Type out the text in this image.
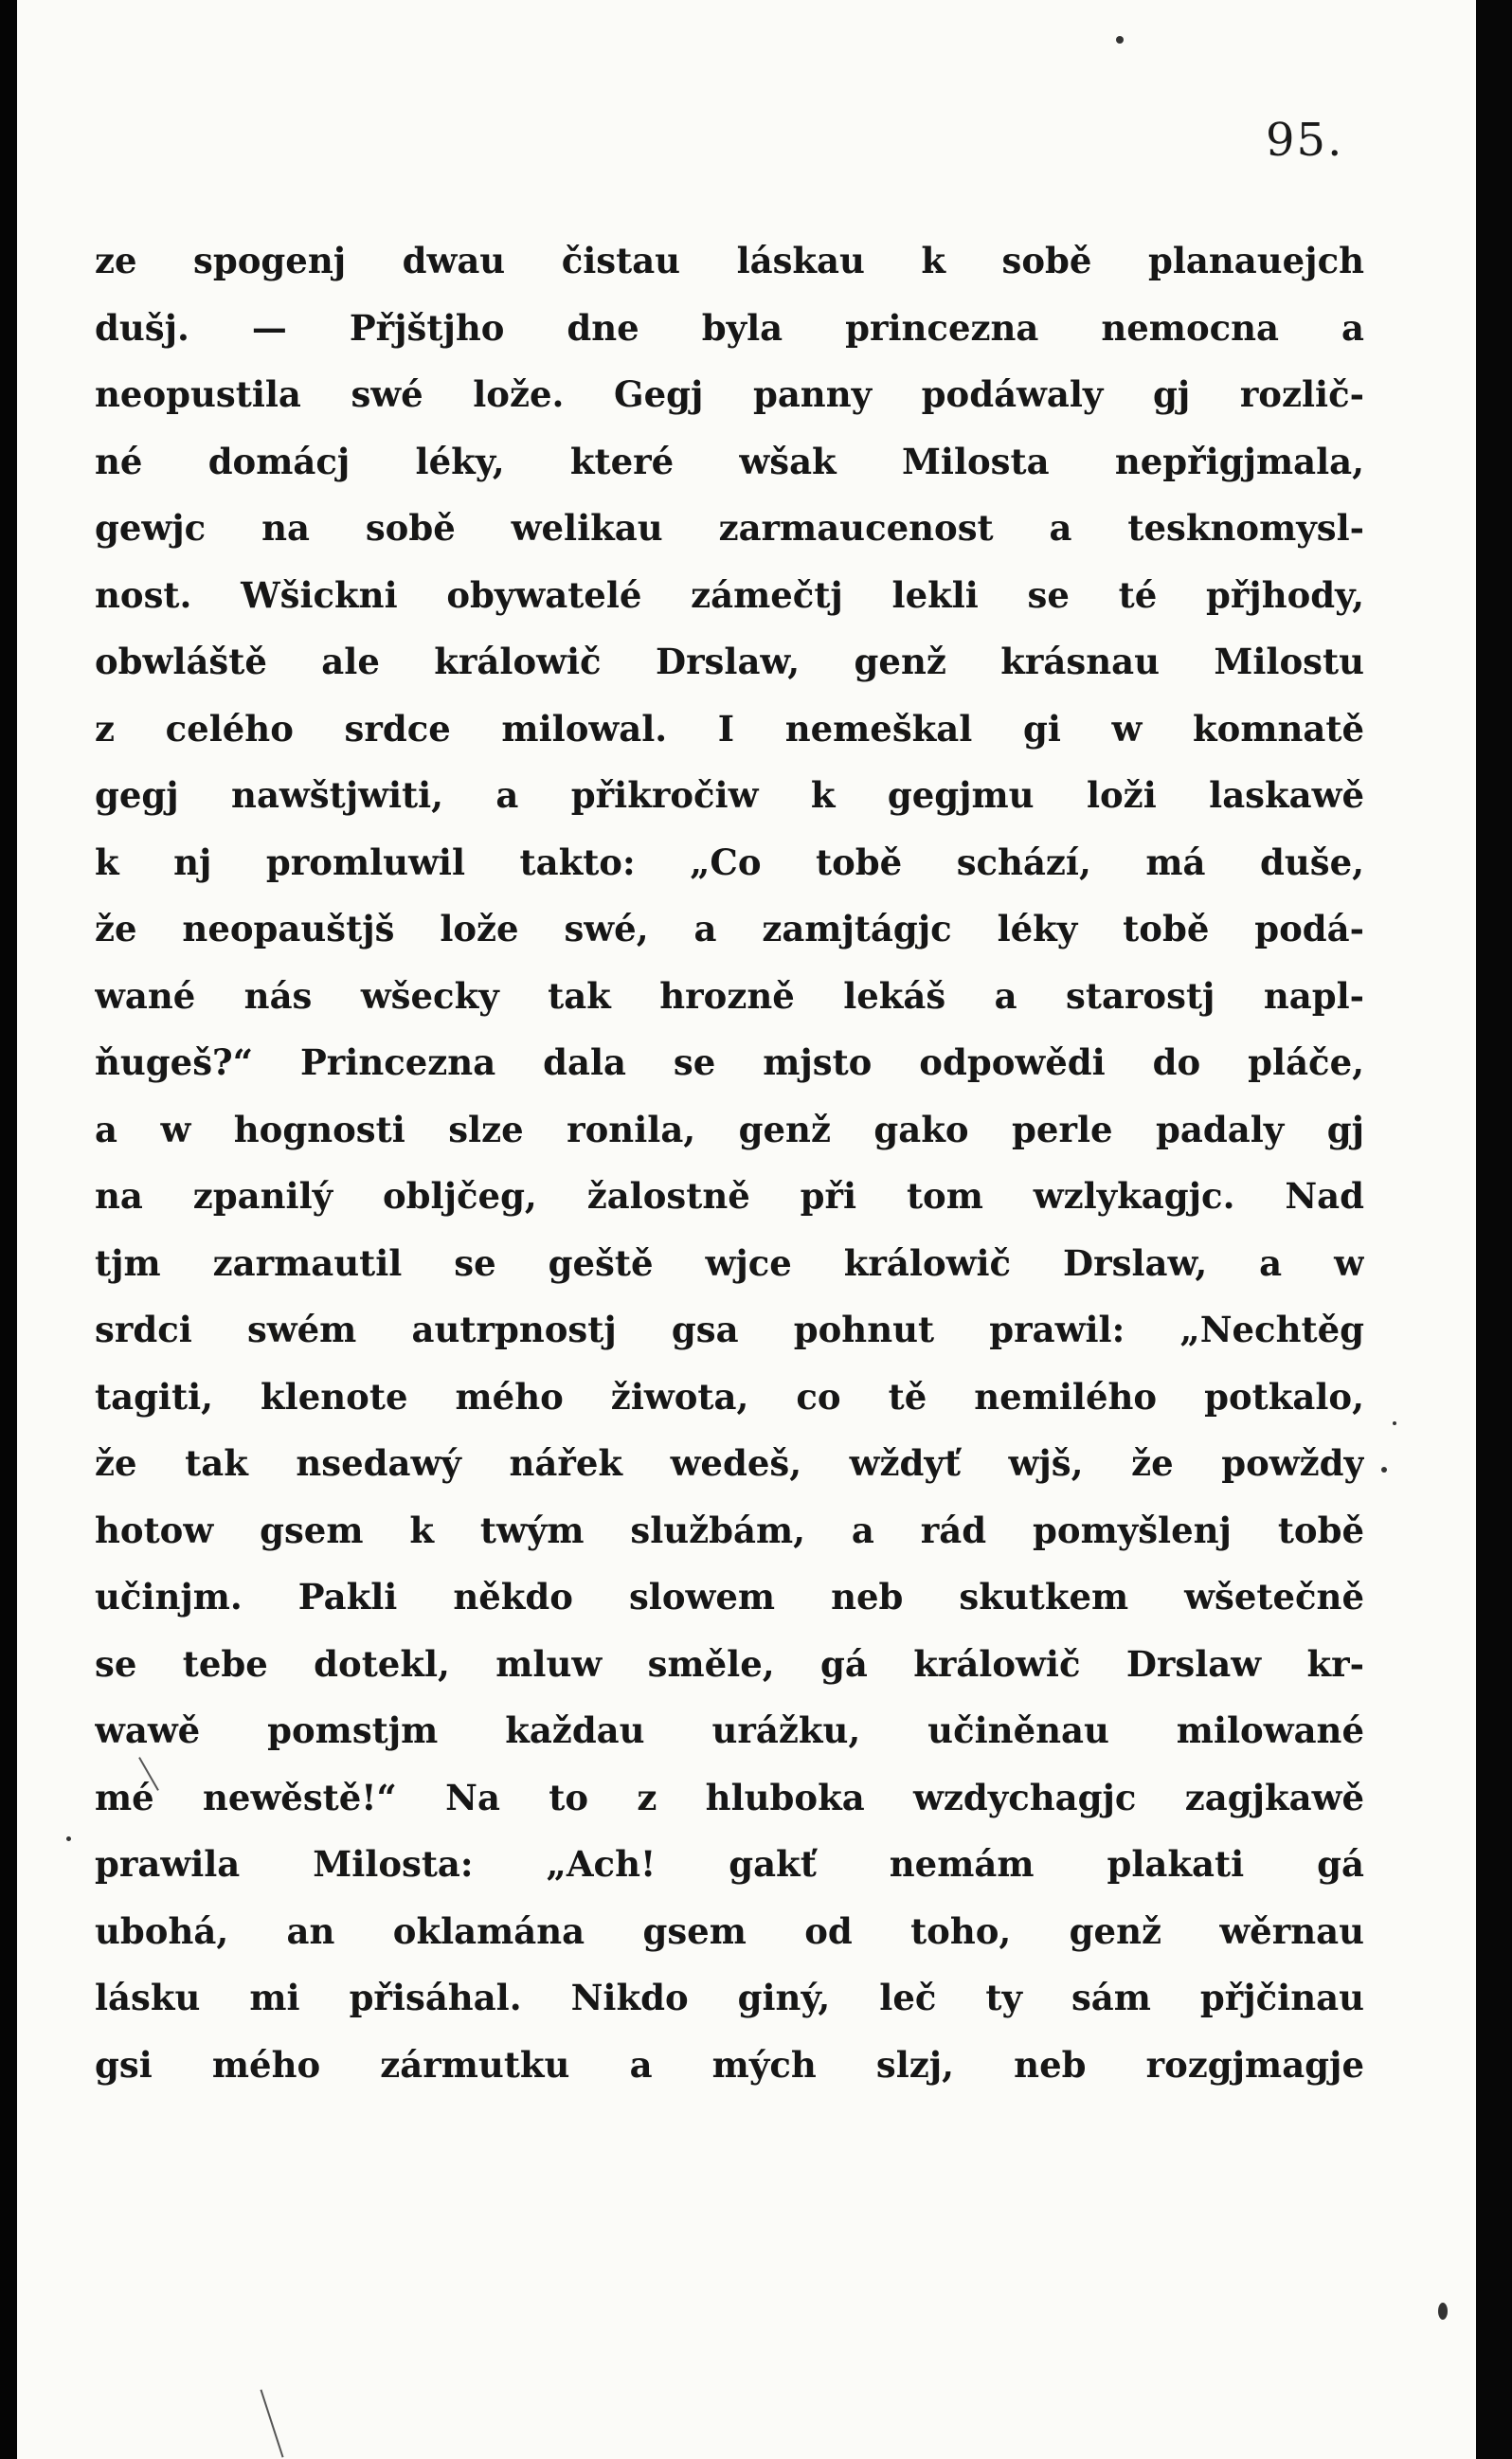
95.
ze spogenj dwau čistau láskau k sobě planauejch
dušj. — Přjštjho dne byla princezna nemocna a
neopustila swé lože. Gegj panny podáwaly gj rozlič-
né domácj léky, které wšak Milosta nepřigjmala,
gewjc na sobě welikau zarmaucenost a tesknomysl-
nost. Wšickni obywatelé zámečtj lekli se té přjhody,
obwláště ale králowič Drslaw, genž krásnau Milostu
z celého srdce milowal. I nemeškal gi w komnatě
gegj nawštjwiti, a přikročiw k gegjmu loži laskawě
k nj promluwil takto: „Co tobě schází, má duše,
že neopauštjš lože swé, a zamjtágjc léky tobě podá-
wané nás wšecky tak hrozně lekáš a starostj napl-
ňugeš?“ Princezna dala se mjsto odpowědi do pláče,
a w hognosti slze ronila, genž gako perle padaly gj
na zpanilý obljčeg, žalostně při tom wzlykagjc. Nad
tjm zarmautil se geště wjce králowič Drslaw, a w
srdci swém autrpnostj gsa pohnut prawil: „Nechtěg
tagiti, klenote mého žiwota, co tě nemilého potkalo,
že tak nsedawý nářek wedeš, wždyť wjš, že powždy
hotow gsem k twým službám, a rád pomyšlenj tobě
učinjm. Pakli někdo slowem neb skutkem wšetečně
se tebe dotekl, mluw směle, gá králowič Drslaw kr-
wawě pomstjm každau urážku, učiněnau milowané
mé newěstě!“ Na to z hluboka wzdychagjc zagjkawě
prawila Milosta: „Ach! gakť nemám plakati gá
ubohá, an oklamána gsem od toho, genž wěrnau
lásku mi přisáhal. Nikdo giný, leč ty sám přjčinau
gsi mého zármutku a mých slzj, neb rozgjmagje
